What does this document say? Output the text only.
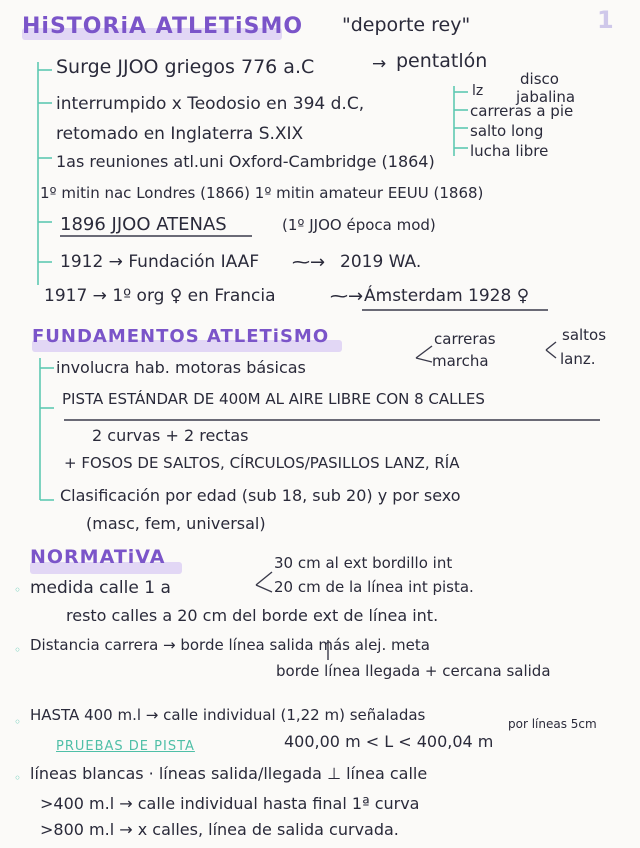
1
HiSTORiA ATLETiSMO "deporte rey"
Surge JJOO griegos 776 a.C	→ pentatlón
disco
lz jabalina
carreras a pie
salto long
lucha libre
interrumpido x Teodosio en 394 d.C,
retomado en Inglaterra S.XIX
1as reuniones atl.uni Oxford-Cambridge (1864)
1º mitin nac Londres (1866) 1º mitin amateur EEUU (1868)
1896 JJOO ATENAS	(1º JJOO época mod)
1912 → Fundación IAAF ⁓→ 2019 WA.
1917 → 1º org ♀ en Francia	⁓→ Ámsterdam 1928 ♀
FUNDAMENTOS ATLETiSMO
involucra hab. motoras básicas
carreras
marcha
saltos
lanz.
PISTA ESTÁNDAR DE 400M AL AIRE LIBRE CON 8 CALLES
2 curvas + 2 rectas
+ FOSOS DE SALTOS, CÍRCULOS/PASILLOS LANZ, RÍA
Clasificación por edad (sub 18, sub 20) y por sexo
(masc, fem, universal)
NORMATiVA
◦ medida calle 1 a
30 cm al ext bordillo int
20 cm de la línea int pista.
resto calles a 20 cm del borde ext de línea int.
◦ Distancia carrera → borde línea salida más alej. meta
borde línea llegada + cercana salida
◦ HASTA 400 m.l → calle individual (1,22 m) señaladas	por líneas 5cm
PRUEBAS DE PISTA	400,00 m < L < 400,04 m
◦ líneas blancas · líneas salida/llegada ⊥ línea calle
>400 m.l → calle individual hasta final 1ª curva
>800 m.l → x calles, línea de salida curvada.
